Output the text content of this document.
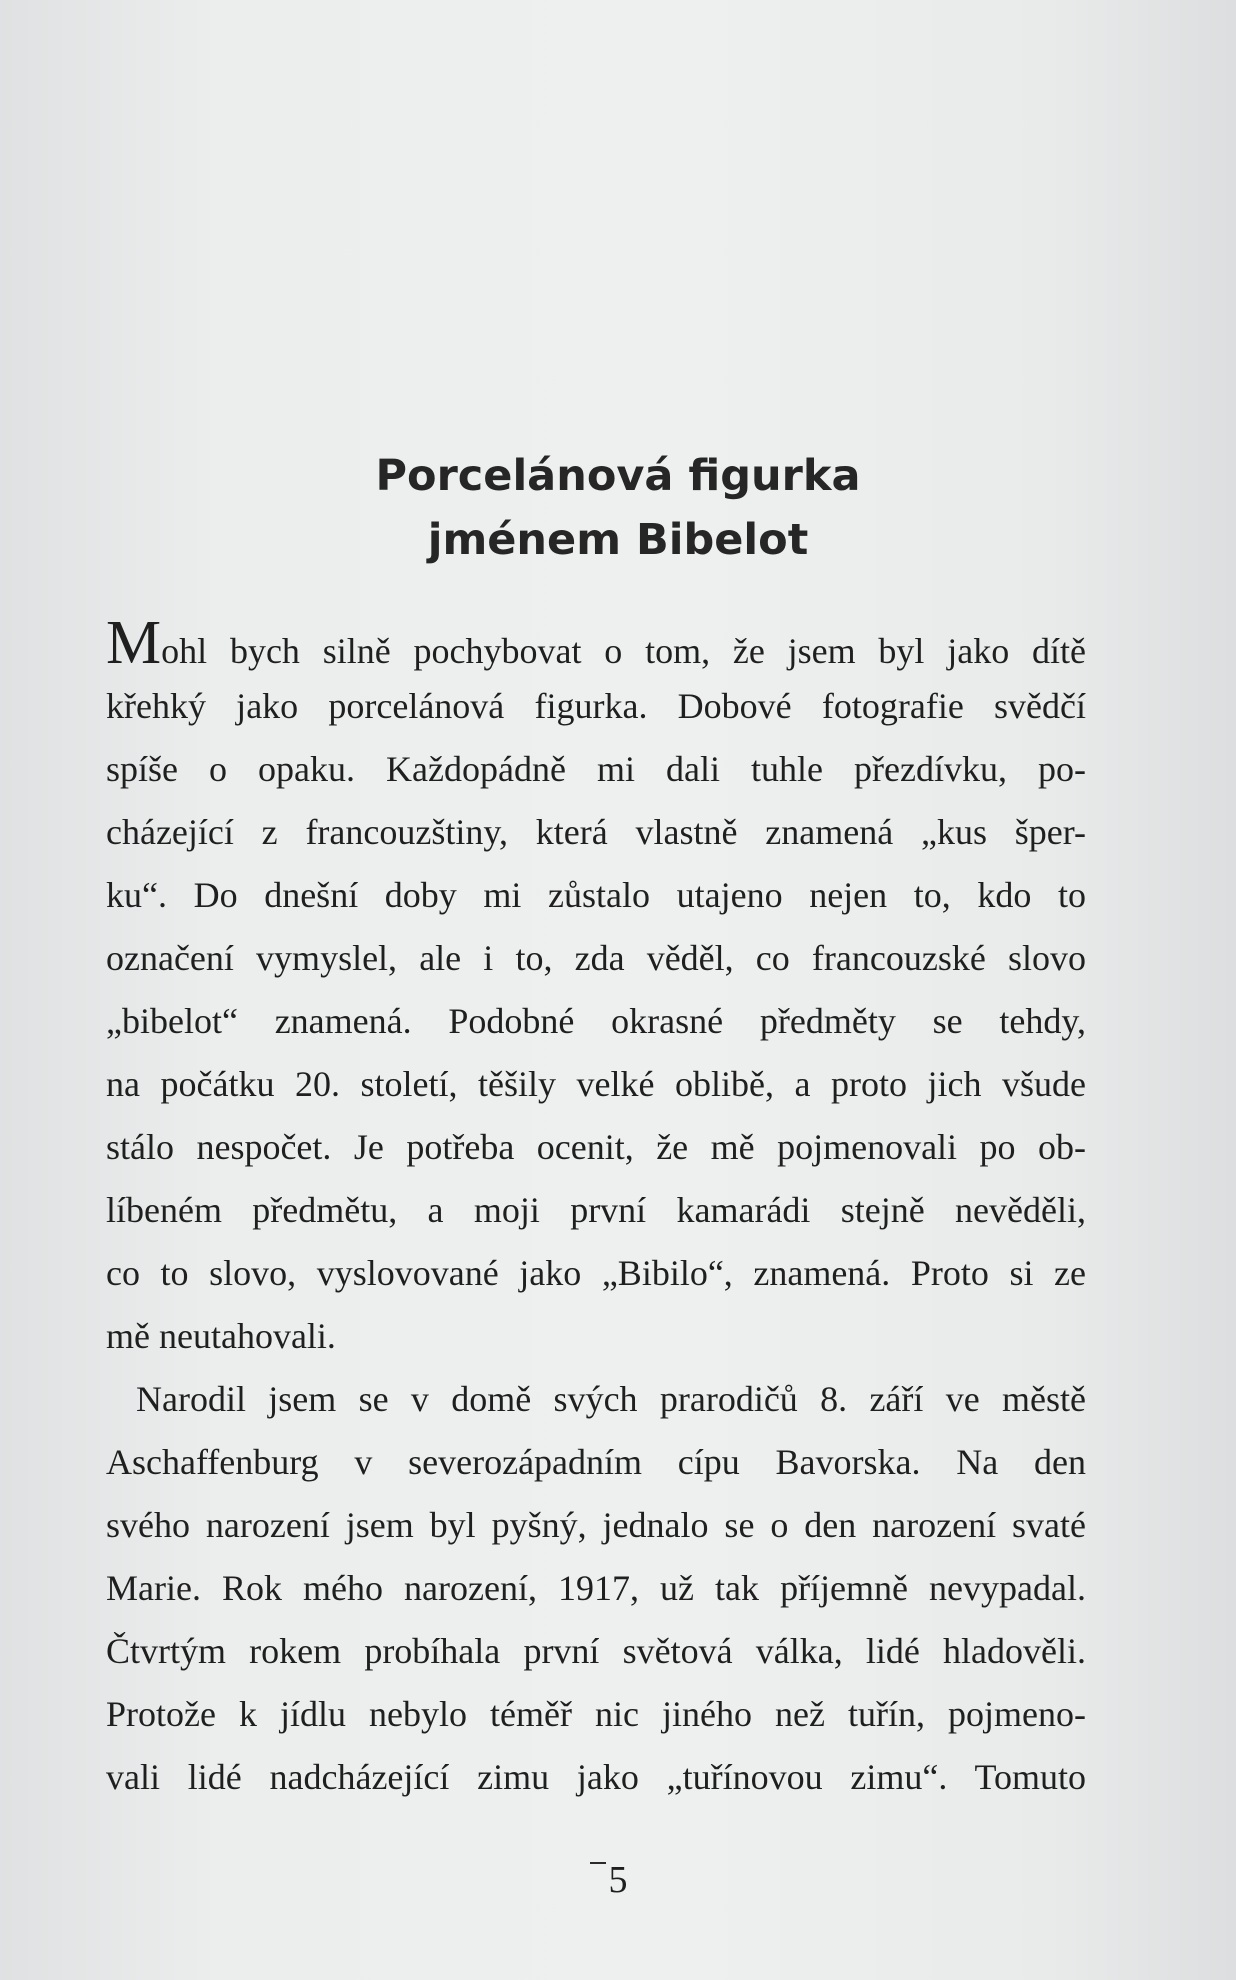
Porcelánová figurka
jménem Bibelot
Mohl bych silně pochybovat o tom, že jsem byl jako dítě
křehký jako porcelánová figurka. Dobové fotografie svědčí
spíše o opaku. Každopádně mi dali tuhle přezdívku, po-
cházející z francouzštiny, která vlastně znamená „kus šper-
ku“. Do dnešní doby mi zůstalo utajeno nejen to, kdo to
označení vymyslel, ale i to, zda věděl, co francouzské slovo
„bibelot“ znamená. Podobné okrasné předměty se tehdy,
na počátku 20. století, těšily velké oblibě, a proto jich všude
stálo nespočet. Je potřeba ocenit, že mě pojmenovali po ob-
líbeném předmětu, a moji první kamarádi stejně nevěděli,
co to slovo, vyslovované jako „Bibilo“, znamená. Proto si ze
mě neutahovali.
Narodil jsem se v domě svých prarodičů 8. září ve městě
Aschaffenburg v severozápadním cípu Bavorska. Na den
svého narození jsem byl pyšný, jednalo se o den narození svaté
Marie. Rok mého narození, 1917, už tak příjemně nevypadal.
Čtvrtým rokem probíhala první světová válka, lidé hladověli.
Protože k jídlu nebylo téměř nic jiného než tuřín, pojmeno-
vali lidé nadcházející zimu jako „tuřínovou zimu“. Tomuto
5
